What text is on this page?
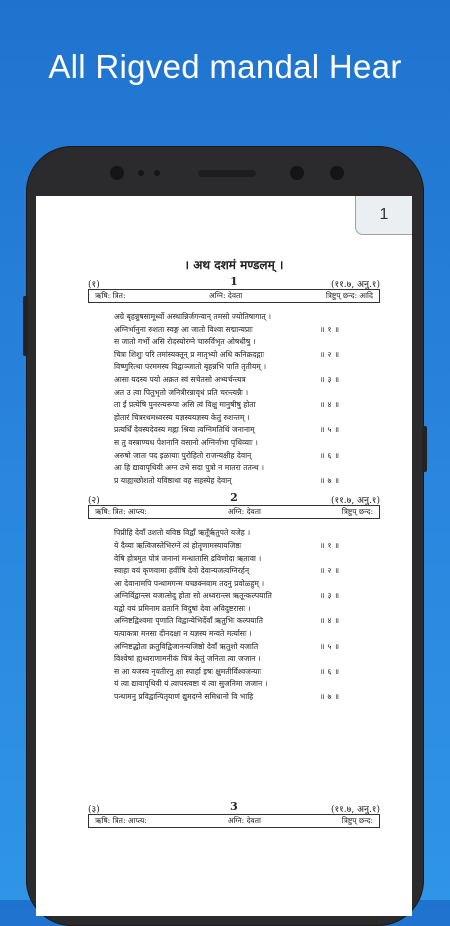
All Rigved mandal Hear
1
। अथ दशमं मण्डलम् ।
(१)	1	(११.७, अनु.१)
ऋषि: त्रित:	अग्नि: देवता	त्रिष्टुप् छन्द: आदि
अग्रे बृहन्नुषसामूर्ध्वो अस्थान्निर्जगन्वान् तमसो ज्योतिषागात् ।
अग्निर्भानुना रुशता स्वङ्ग आ जातो विश्वा सद्मान्यप्राः	॥१॥
स जातो गर्भो असि रोदस्योरग्ने चारुर्विभृत ओषधीषु ।
चित्रः शिशुः परि तमांस्यक्तून् प्र मातृभ्यो अधि कनिक्रदद्गाः	॥२॥
विष्णुरित्था परममस्य विद्वाञ्जातो बृहन्नभि पाति तृतीयम् ।
आसा यदस्य पयो अक्रत स्वं सचेतसो अभ्यर्चन्त्यत्र	॥३॥
अत उ त्वा पितुभृतो जनित्रीरन्नावृधं प्रति चरन्त्यन्नैः ।
ता ईं प्रत्येषि पुनरन्यरूपा असि त्वं विक्षु मानुषीषु होता	॥४॥
होतारं चित्ररथमध्वरस्य यज्ञस्ययज्ञस्य केतुं रुशन्तम् ।
प्रत्यर्धिं देवस्यदेवस्य मह्ना श्रिया त्वग्निमतिथिं जनानाम्	॥५॥
स तु वस्त्राण्यध पेशनानि वसानो अग्निर्नाभा पृथिव्याः ।
अरुषो जातः पद इळायाः पुरोहितो राजन्यक्षीह देवान्	॥६॥
आ हि द्यावापृथिवी अग्न उभे सदा पुत्रो न मातरा ततन्थ ।
प्र याह्यच्छोशतो यविष्ठाथा वह सहस्येह देवान्	॥७॥
(२)	2	(११.७, अनु.१)
ऋषि: त्रित: आप्त्य:	अग्नि: देवता	त्रिष्टुप् छन्द:
पिप्रीहि देवाँ उशतो यविष्ठ विद्वाँ ऋतूँरृतुपते यजेह ।
ये दैव्या ऋत्विजस्तेभिरग्ने त्वं होतॄणामस्यायजिष्ठः	॥१॥
वेषि होत्रमुत पोत्रं जनानां मन्धातासि द्रविणोदा ऋतावा ।
स्वाहा वयं कृणवामा हवींषि देवो देवान्यजत्वग्निरर्हन्	॥२॥
आ देवानामपि पन्थामगन्म यच्छक्नवाम तदनु प्रवोळ्हुम् ।
अग्निर्विद्वान्त्स यजात्सेदु होता सो अध्वरान्त्स ऋतून्कल्पयाति	॥३॥
यद्वो वयं प्रमिनाम व्रतानि विदुषां देवा अविदुष्टरासः ।
अग्निष्टद्विश्वमा पृणाति विद्वान्येभिर्देवाँ ऋतुभिः कल्पयाति	॥४॥
यत्पाकत्रा मनसा दीनदक्षा न यज्ञस्य मन्वते मर्त्यासः ।
अग्निष्टद्धोता क्रतुविद्विजानन्यजिष्ठो देवाँ ऋतुशो यजाति	॥५॥
विश्वेषां ह्यध्वराणामनीकं चित्रं केतुं जनिता त्वा जजान ।
स आ यजस्व नृवतीरनु क्षा स्पार्हा इषः क्षुमतीर्विश्वजन्याः	॥६॥
यं त्वा द्यावापृथिवी यं त्वापस्त्वष्टा यं त्वा सुजनिमा जजान ।
पन्थामनु प्रविद्वान्पितृयाणं द्युमदग्ने समिधानो वि भाहि	॥७॥
(३)	3	(११.७, अनु.१)
ऋषि: त्रित: आप्त्य:	अग्नि: देवता	त्रिष्टुप् छन्द:
